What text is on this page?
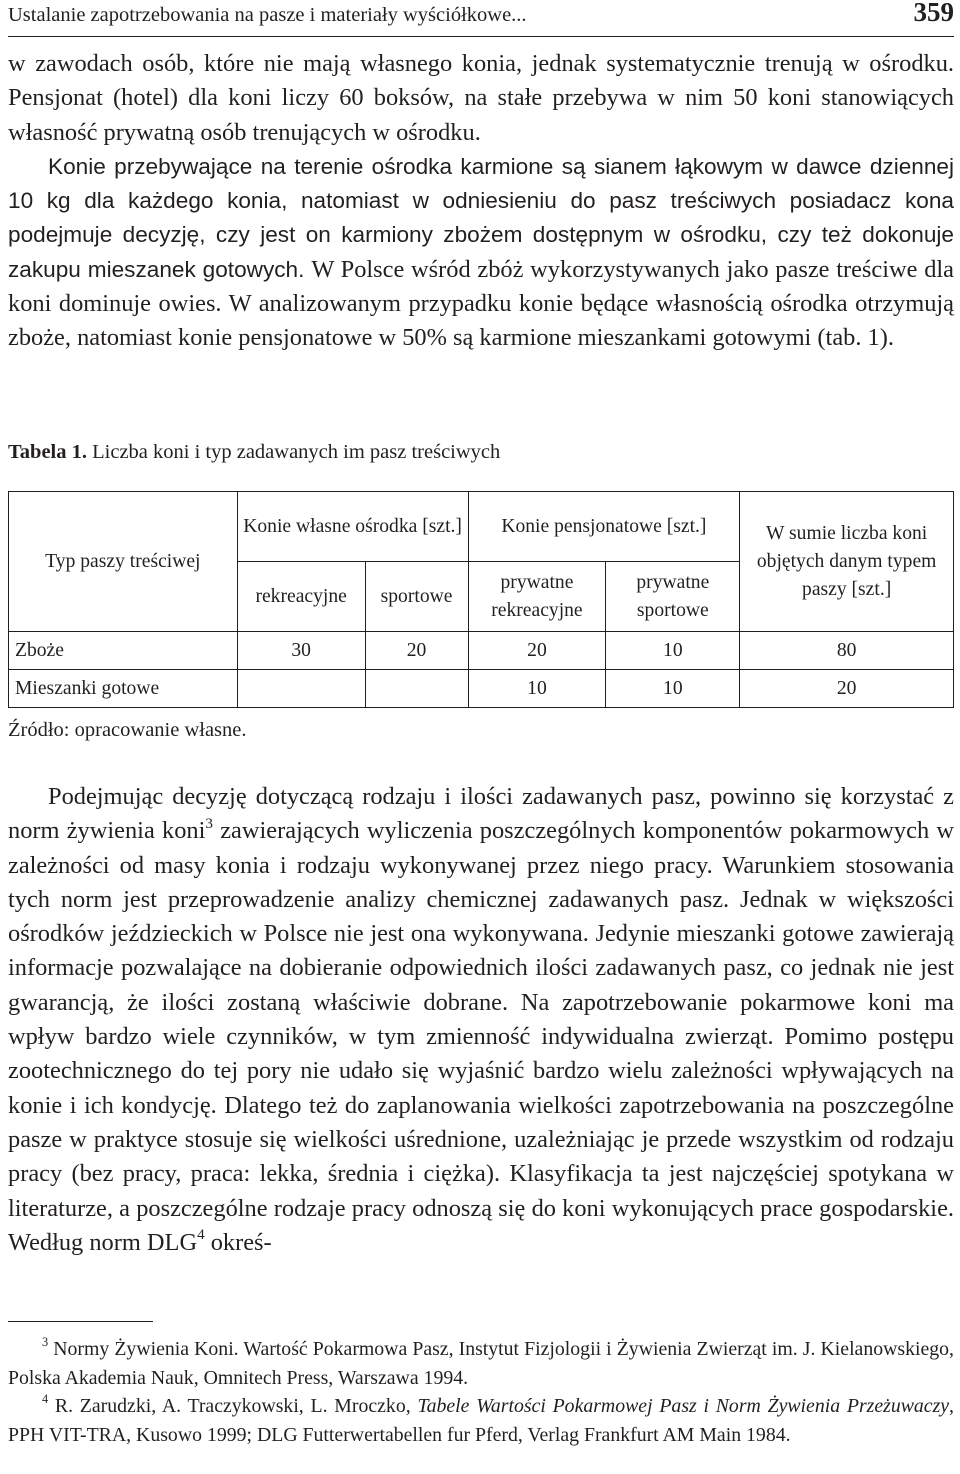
Ustalanie zapotrzebowania na pasze i materiały wyściółkowe...	359

w zawodach osób, które nie mają własnego konia, jednak systematycznie trenują w ośrodku. Pensjonat (hotel) dla koni liczy 60 boksów, na stałe przebywa w nim 50 koni stanowiących własność prywatną osób trenujących w ośrodku.

Konie przebywające na terenie ośrodka karmione są sianem łąkowym w dawce dziennej 10 kg dla każdego konia, natomiast w odniesieniu do pasz treściwych posiadacz kona podejmuje decyzję, czy jest on karmiony zbożem dostępnym w ośrodku, czy też dokonuje zakupu mieszanek gotowych. W Polsce wśród zbóż wykorzystywanych jako pasze treściwe dla koni dominuje owies. W analizowanym przypadku konie będące własnością ośrodka otrzymują zboże, natomiast konie pensjonatowe w 50% są karmione mieszankami gotowymi (tab. 1).

Tabela 1. Liczba koni i typ zadawanych im pasz treściwych
Typ paszy treściwej	Konie własne ośrodka [szt.]		Konie pensjonatowe [szt.]		W sumie liczba koni objętych danym typem paszy [szt.]
	rekreacyjne	sportowe	prywatne rekreacyjne	prywatne sportowe	
Zboże	30	20	20	10	80
Mieszanki gotowe			10	10	20
Źródło: opracowanie własne.

Podejmując decyzję dotyczącą rodzaju i ilości zadawanych pasz, powinno się korzystać z norm żywienia koni$^3$ zawierających wyliczenia poszczególnych komponentów pokarmowych w zależności od masy konia i rodzaju wykonywanej przez niego pracy. Warunkiem stosowania tych norm jest przeprowadzenie analizy chemicznej zadawanych pasz. Jednak w większości ośrodków jeździeckich w Polsce nie jest ona wykonywana. Jedynie mieszanki gotowe zawierają informacje pozwalające na dobieranie odpowiednich ilości zadawanych pasz, co jednak nie jest gwarancją, że ilości zostaną właściwie dobrane. Na zapotrzebowanie pokarmowe koni ma wpływ bardzo wiele czynników, w tym zmienność indywidualna zwierząt. Pomimo postępu zootechnicznego do tej pory nie udało się wyjaśnić bardzo wielu zależności wpływających na konie i ich kondycję. Dlatego też do zaplanowania wielkości zapotrzebowania na poszczególne pasze w praktyce stosuje się wielkości uśrednione, uzależniając je przede wszystkim od rodzaju pracy (bez pracy, praca: lekka, średnia i ciężka). Klasyfikacja ta jest najczęściej spotykana w literaturze, a poszczególne rodzaje pracy odnoszą się do koni wykonujących prace gospodarskie. Według norm DLG$^4$ okreś-

$^3$ Normy Żywienia Koni. Wartość Pokarmowa Pasz, Instytut Fizjologii i Żywienia Zwierząt im. J. Kielanowskiego, Polska Akademia Nauk, Omnitech Press, Warszawa 1994.

$^4$ R. Zarudzki, A. Traczykowski, L. Mroczko, Tabele Wartości Pokarmowej Pasz i Norm Żywienia Przeżuwaczy, PPH VIT-TRA, Kusowo 1999; DLG Futterwertabellen fur Pferd, Verlag Frankfurt AM Main 1984.
